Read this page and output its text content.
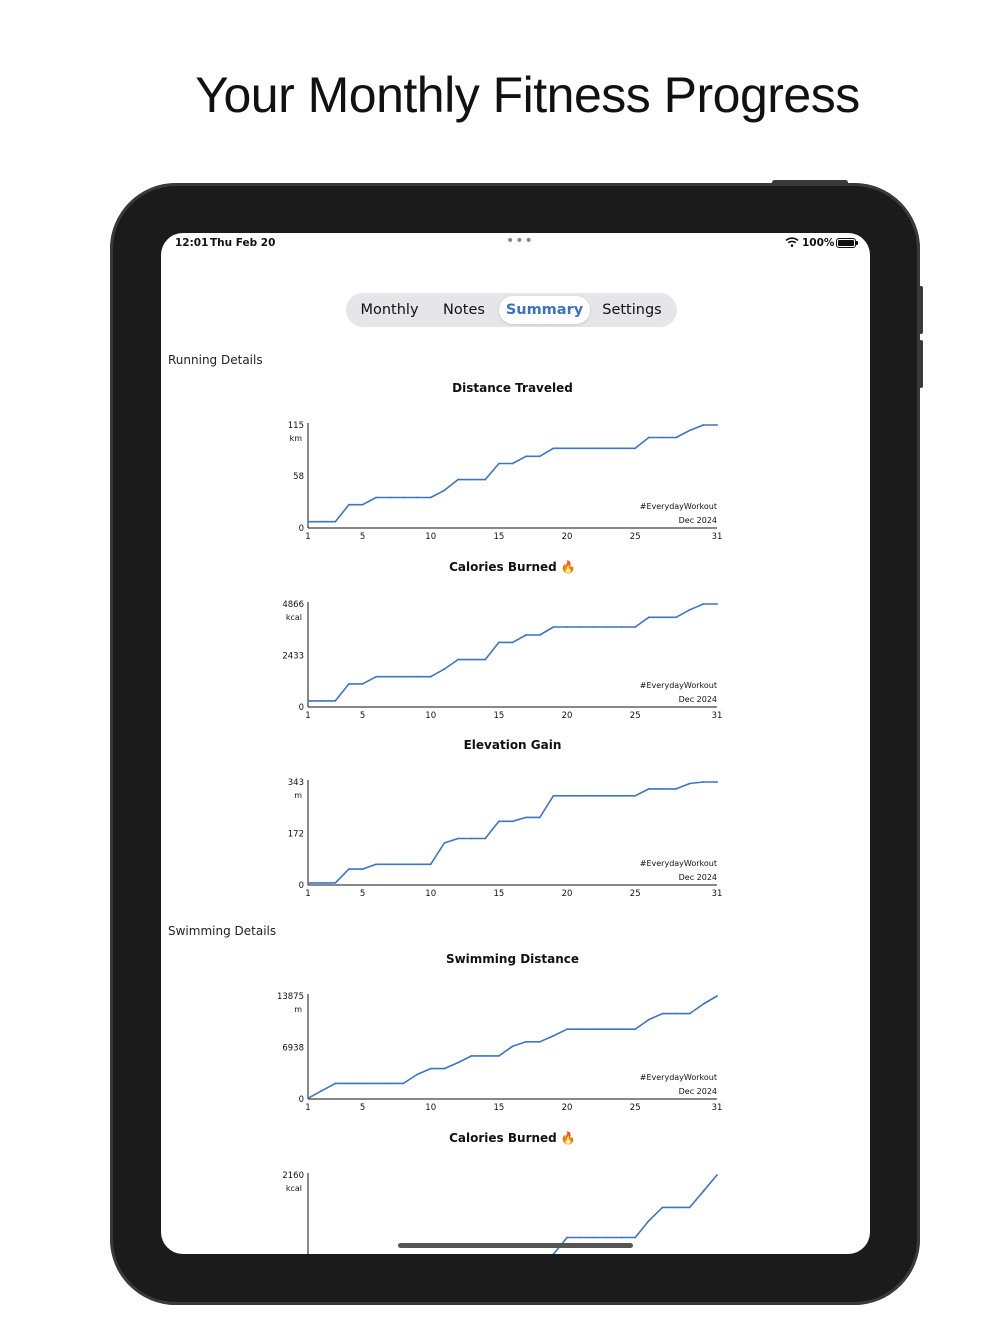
Your Monthly Fitness Progress
12:01 Thu Feb 20	•••	100%
Monthly	Notes	Summary	Settings
Running Details
Swimming Details
Distance Traveled
0
58
115
km
1	5	10	15	20	25	31
#EverydayWorkout
Dec 2024
Calories Burned 🔥
0
2433
4866
kcal
1	5	10	15	20	25	31
#EverydayWorkout
Dec 2024
Elevation Gain
0
172
343
m
1	5	10	15	20	25	31
#EverydayWorkout
Dec 2024
Swimming Distance
0
6938
13875
m
1	5	10	15	20	25	31
#EverydayWorkout
Dec 2024
Calories Burned 🔥
2160
kcal
